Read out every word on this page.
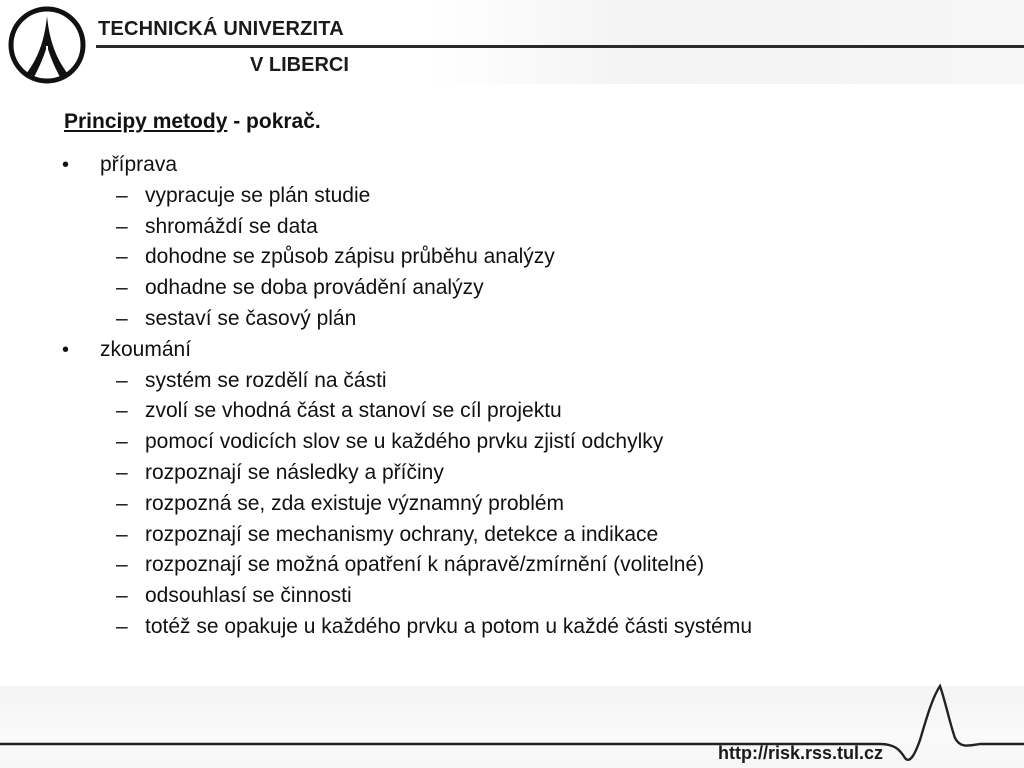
TECHNICKÁ UNIVERZITA
V LIBERCI
Principy metody - pokrač.
• příprava
– vypracuje se plán studie
– shromáždí se data
– dohodne se způsob zápisu průběhu analýzy
– odhadne se doba provádění analýzy
– sestaví se časový plán
• zkoumání
– systém se rozdělí na části
– zvolí se vhodná část a stanoví se cíl projektu
– pomocí vodicích slov se u každého prvku zjistí odchylky
– rozpoznají se následky a příčiny
– rozpozná se, zda existuje významný problém
– rozpoznají se mechanismy ochrany, detekce a indikace
– rozpoznají se možná opatření k nápravě/zmírnění (volitelné)
– odsouhlasí se činnosti
– totéž se opakuje u každého prvku a potom u každé části systému
http://risk.rss.tul.cz
